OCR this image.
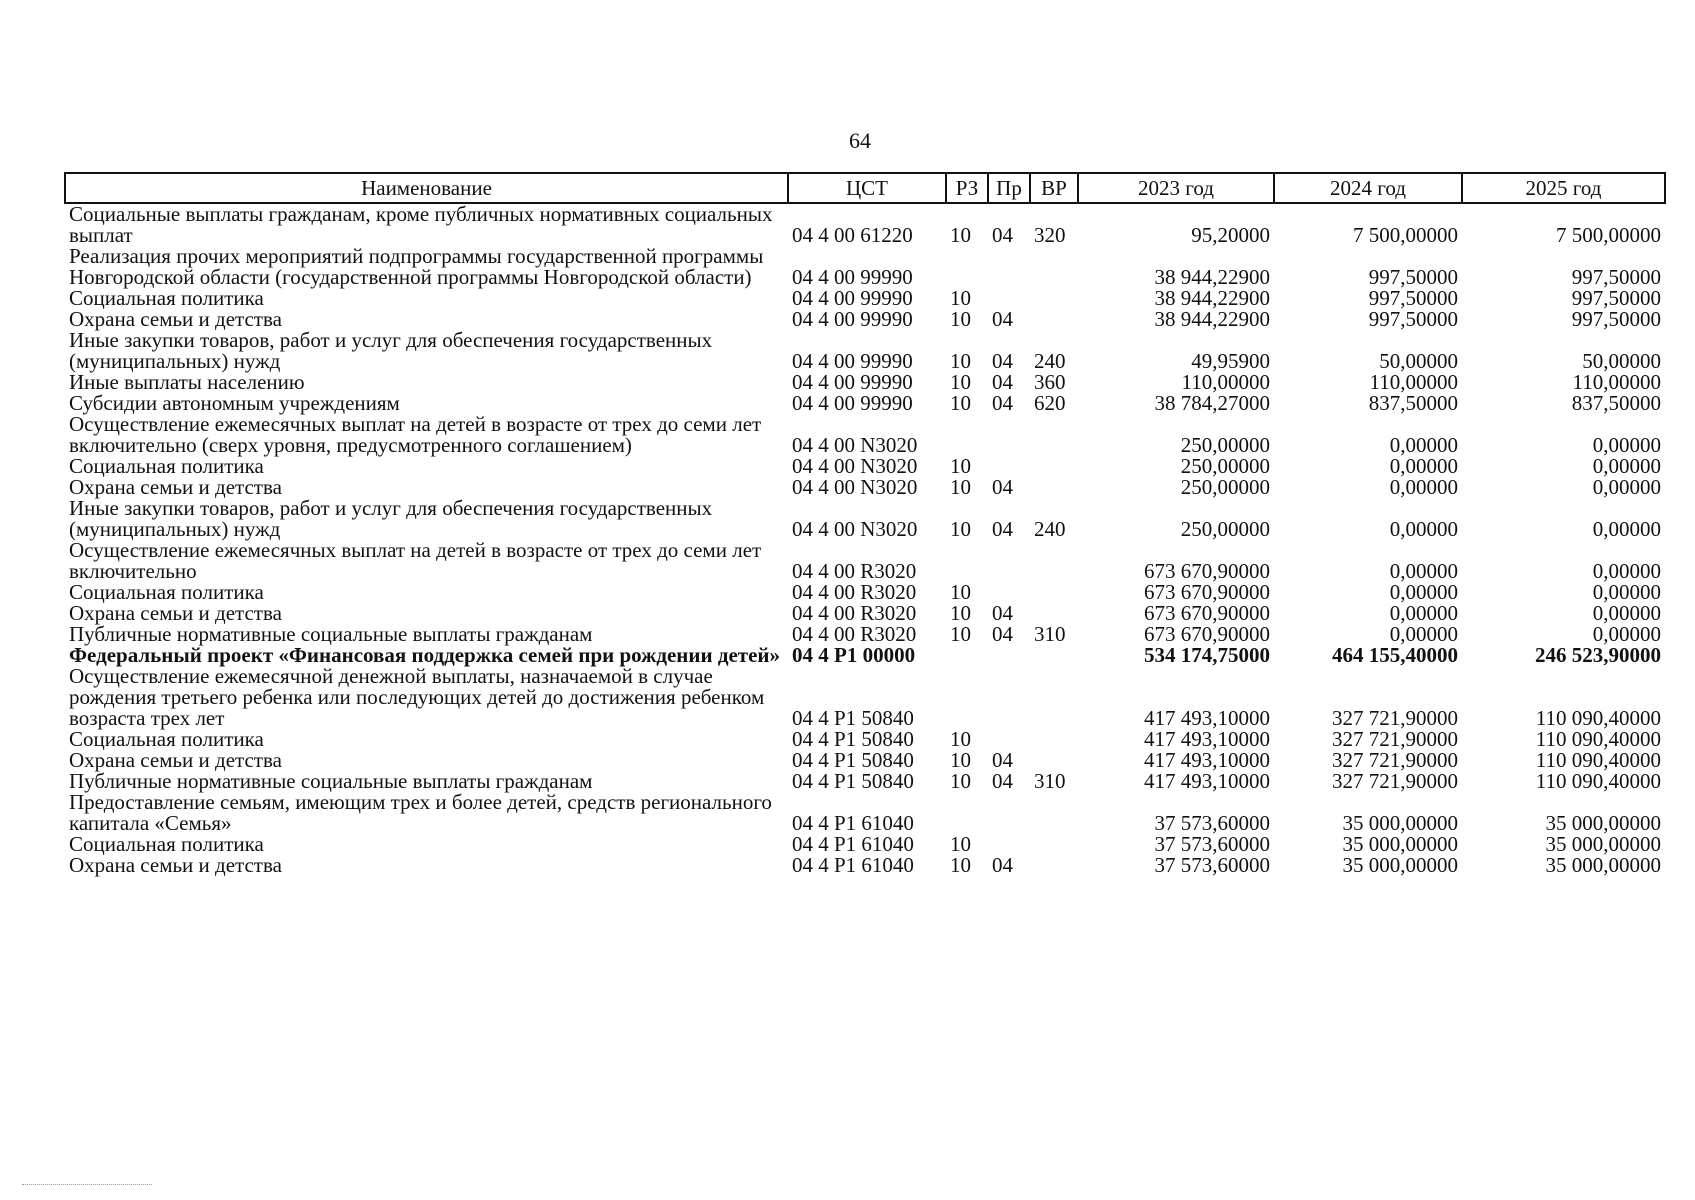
64
Наименование	ЦСТ	РЗ	Пр	ВР	2023 год	2024 год	2025 год
Социальные выплаты гражданам, кроме публичных нормативных социальных выплат	04 4 00 61220	10	04	320	95,20000	7 500,00000	7 500,00000
Реализация прочих мероприятий подпрограммы государственной программы Новгородской области (государственной программы Новгородской области)	04 4 00 99990				38 944,22900	997,50000	997,50000
Социальная политика	04 4 00 99990	10			38 944,22900	997,50000	997,50000
Охрана семьи и детства	04 4 00 99990	10	04		38 944,22900	997,50000	997,50000
Иные закупки товаров, работ и услуг для обеспечения государственных (муниципальных) нужд	04 4 00 99990	10	04	240	49,95900	50,00000	50,00000
Иные выплаты населению	04 4 00 99990	10	04	360	110,00000	110,00000	110,00000
Субсидии автономным учреждениям	04 4 00 99990	10	04	620	38 784,27000	837,50000	837,50000
Осуществление ежемесячных выплат на детей в возрасте от трех до семи лет включительно (сверх уровня, предусмотренного соглашением)	04 4 00 N3020				250,00000	0,00000	0,00000
Социальная политика	04 4 00 N3020	10			250,00000	0,00000	0,00000
Охрана семьи и детства	04 4 00 N3020	10	04		250,00000	0,00000	0,00000
Иные закупки товаров, работ и услуг для обеспечения государственных (муниципальных) нужд	04 4 00 N3020	10	04	240	250,00000	0,00000	0,00000
Осуществление ежемесячных выплат на детей в возрасте от трех до семи лет включительно	04 4 00 R3020				673 670,90000	0,00000	0,00000
Социальная политика	04 4 00 R3020	10			673 670,90000	0,00000	0,00000
Охрана семьи и детства	04 4 00 R3020	10	04		673 670,90000	0,00000	0,00000
Публичные нормативные социальные выплаты гражданам	04 4 00 R3020	10	04	310	673 670,90000	0,00000	0,00000
Федеральный проект «Финансовая поддержка семей при рождении детей»	04 4 P1 00000				534 174,75000	464 155,40000	246 523,90000
Осуществление ежемесячной денежной выплаты, назначаемой в случае рождения третьего ребенка или последующих детей до достижения ребенком возраста трех лет	04 4 P1 50840				417 493,10000	327 721,90000	110 090,40000
Социальная политика	04 4 P1 50840	10			417 493,10000	327 721,90000	110 090,40000
Охрана семьи и детства	04 4 P1 50840	10	04		417 493,10000	327 721,90000	110 090,40000
Публичные нормативные социальные выплаты гражданам	04 4 P1 50840	10	04	310	417 493,10000	327 721,90000	110 090,40000
Предоставление семьям, имеющим трех и более детей, средств регионального капитала «Семья»	04 4 P1 61040				37 573,60000	35 000,00000	35 000,00000
Социальная политика	04 4 P1 61040	10			37 573,60000	35 000,00000	35 000,00000
Охрана семьи и детства	04 4 P1 61040	10	04		37 573,60000	35 000,00000	35 000,00000
